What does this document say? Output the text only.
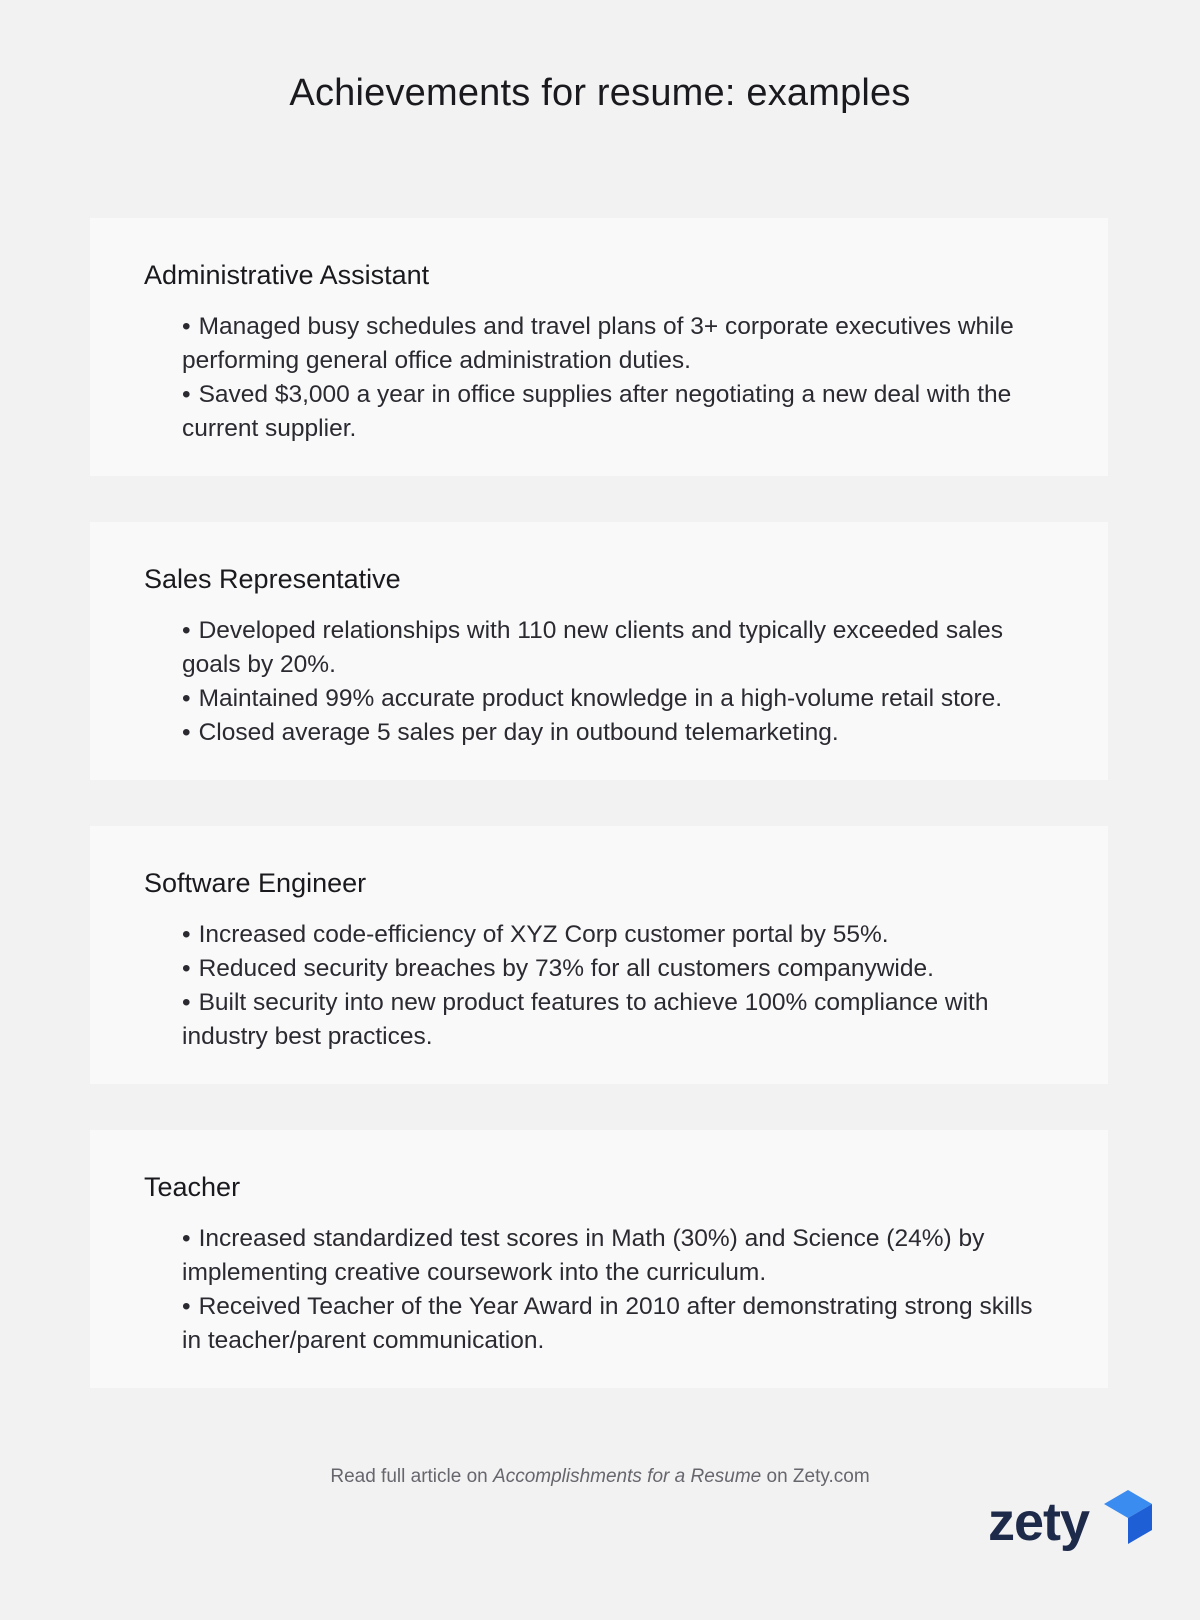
Achievements for resume: examples
Administrative Assistant
• Managed busy schedules and travel plans of 3+ corporate executives while performing general office administration duties.
• Saved $3,000 a year in office supplies after negotiating a new deal with the current supplier.
Sales Representative
• Developed relationships with 110 new clients and typically exceeded sales goals by 20%.
• Maintained 99% accurate product knowledge in a high-volume retail store.
• Closed average 5 sales per day in outbound telemarketing.
Software Engineer
• Increased code-efficiency of XYZ Corp customer portal by 55%.
• Reduced security breaches by 73% for all customers companywide.
• Built security into new product features to achieve 100% compliance with industry best practices.
Teacher
• Increased standardized test scores in Math (30%) and Science (24%) by implementing creative coursework into the curriculum.
• Received Teacher of the Year Award in 2010 after demonstrating strong skills in teacher/parent communication.
Read full article on Accomplishments for a Resume on Zety.com
zety
